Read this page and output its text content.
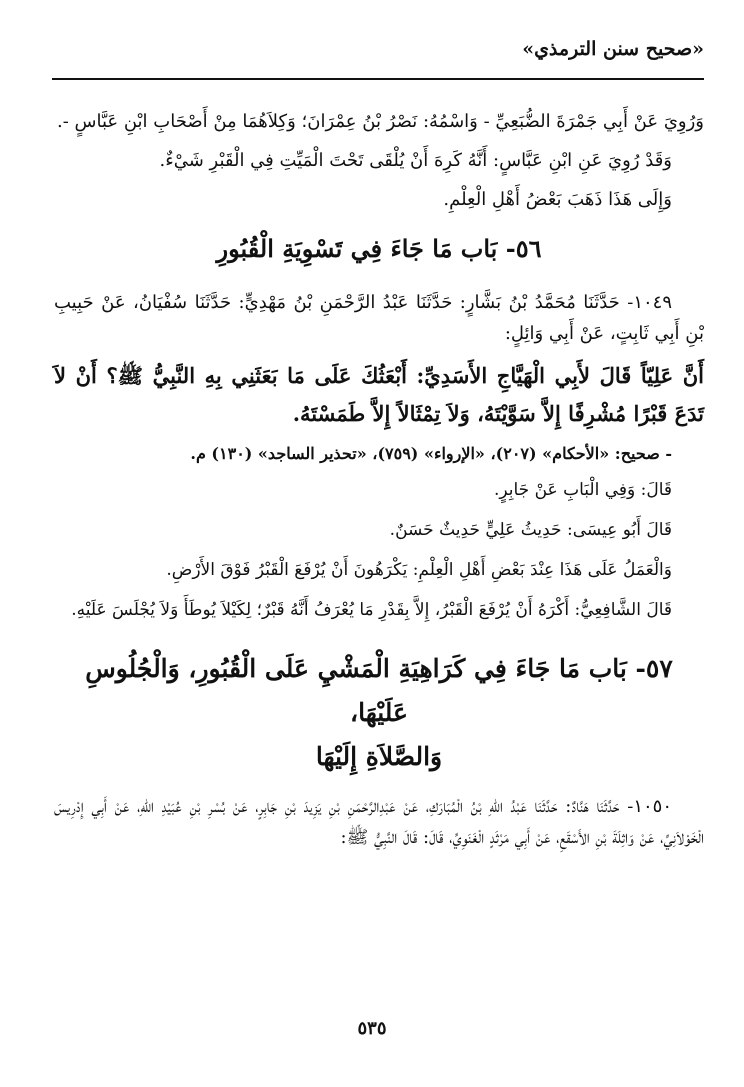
«صحيح سنن الترمذي»

وَرُوِيَ عَنْ أَبِي جَمْرَةَ الضُّبَعِيِّ - وَاسْمُهُ: نَصْرُ بْنُ عِمْرَانَ؛ وَكِلاَهُمَا مِنْ أَصْحَابِ ابْنِ عَبَّاسٍ -.

وَقَدْ رُوِيَ عَنِ ابْنِ عَبَّاسٍ: أَنَّهُ كَرِهَ أَنْ يُلْقَى تَحْتَ الْمَيِّتِ فِي الْقَبْرِ شَيْءٌ.

وَإِلَى هَذَا ذَهَبَ بَعْضُ أَهْلِ الْعِلْمِ.

٥٦- بَاب مَا جَاءَ فِي تَسْوِيَةِ الْقُبُورِ

١٠٤٩- حَدَّثَنَا مُحَمَّدُ بْنُ بَشَّارٍ: حَدَّثَنَا عَبْدُ الرَّحْمَنِ بْنُ مَهْدِيٍّ: حَدَّثَنَا سُفْيَانُ، عَنْ حَبِيبِ بْنِ أَبِي ثَابِتٍ، عَنْ أَبِي وَائِلٍ:

أَنَّ عَلِيّاً قَالَ لأَبِي الْهَيَّاجِ الأَسَدِيِّ: أَبْعَثُكَ عَلَى مَا بَعَثَنِي بِهِ النَّبِيُّ ﷺ؟ أَنْ لاَ تَدَعَ قَبْرًا مُشْرِفًا إِلاَّ سَوَّيْتَهُ، وَلاَ تِمْثَالاً إِلاَّ طَمَسْتَهُ.

- صحيح: «الأحكام» (٢٠٧)، «الإرواء» (٧٥٩)، «تحذير الساجد» (١٣٠) م.

قَالَ: وَفِي الْبَابِ عَنْ جَابِرٍ.

قَالَ أَبُو عِيسَى: حَدِيثُ عَلِيٍّ حَدِيثٌ حَسَنٌ.

وَالْعَمَلُ عَلَى هَذَا عِنْدَ بَعْضِ أَهْلِ الْعِلْمِ: يَكْرَهُونَ أَنْ يُرْفَعَ الْقَبْرُ فَوْقَ الأَرْضِ.

قَالَ الشَّافِعِيُّ: أَكْرَهُ أَنْ يُرْفَعَ الْقَبْرُ، إِلاَّ بِقَدْرِ مَا يُعْرَفُ أَنَّهُ قَبْرٌ؛ لِكَيْلاَ يُوطَأَ وَلاَ يُجْلَسَ عَلَيْهِ.

٥٧- بَاب مَا جَاءَ فِي كَرَاهِيَةِ الْمَشْيِ عَلَى الْقُبُورِ، وَالْجُلُوسِ عَلَيْهَا،
وَالصَّلاَةِ إِلَيْهَا

١٠٥٠- حَدَّثَنَا هَنَّادٌ: حَدَّثَنَا عَبْدُ اللهِ بْنُ الْمُبَارَكِ، عَنْ عَبْدِالرَّحْمَنِ بْنِ يَزِيدَ بْنِ جَابِرٍ، عَنْ بُسْرِ بْنِ عُبَيْدِ اللهِ، عَنْ أَبِي إِدْرِيسَ الْخَوْلاَنِيِّ، عَنْ وَاثِلَةَ بْنِ الأَسْقَعِ، عَنْ أَبِي مَرْثَدٍ الْغَنَوِيِّ، قَالَ: قَالَ النَّبِيُّ ﷺ:

٥٣٥
